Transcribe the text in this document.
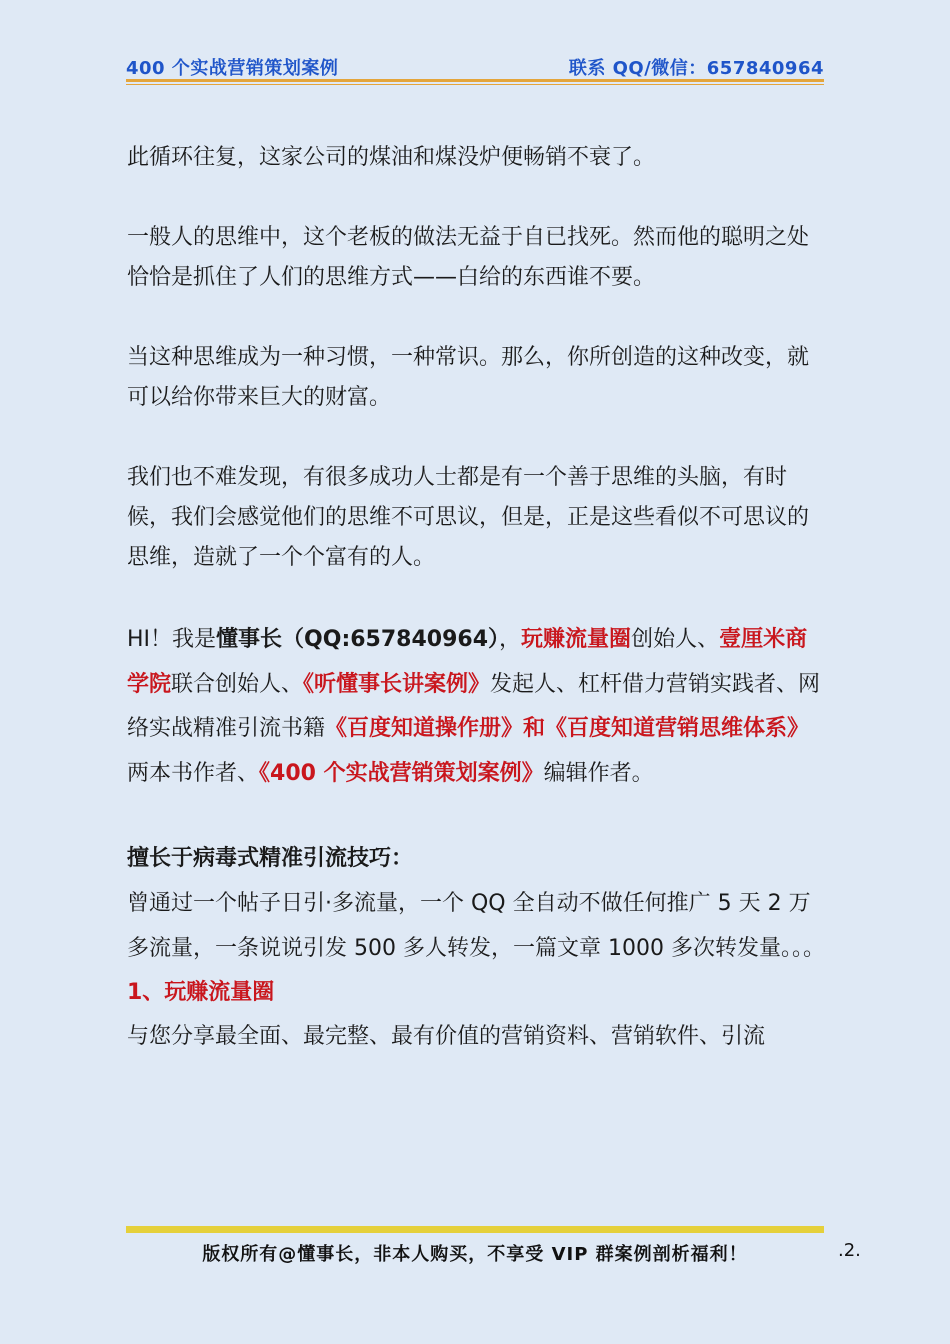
400 个实战营销策划案例	联系 QQ/微信：657840964

此循环往复，这家公司的煤油和煤没炉便畅销不衰了。

一般人的思维中，这个老板的做法无益于自已找死。然而他的聪明之处恰恰是抓住了人们的思维方式——白给的东西谁不要。

当这种思维成为一种习惯，一种常识。那么，你所创造的这种改变，就可以给你带来巨大的财富。

我们也不难发现，有很多成功人士都是有一个善于思维的头脑，有时候，我们会感觉他们的思维不可思议，但是，正是这些看似不可思议的思维，造就了一个个富有的人。

HI！我是懂事长（QQ:657840964），玩赚流量圈创始人、壹厘米商学院联合创始人、《听懂事长讲案例》发起人、杠杆借力营销实践者、网络实战精准引流书籍《百度知道操作册》和《百度知道营销思维体系》两本书作者、《400 个实战营销策划案例》编辑作者。

擅长于病毒式精准引流技巧：

曾通过一个帖子日引·多流量，一个 QQ 全自动不做任何推广 5 天 2 万多流量，一条说说引发 500 多人转发，一篇文章 1000 多次转发量。。。

1、玩赚流量圈

与您分享最全面、最完整、最有价值的营销资料、营销软件、引流

版权所有@懂事长，非本人购买，不享受 VIP 群案例剖析福利！	.2.
